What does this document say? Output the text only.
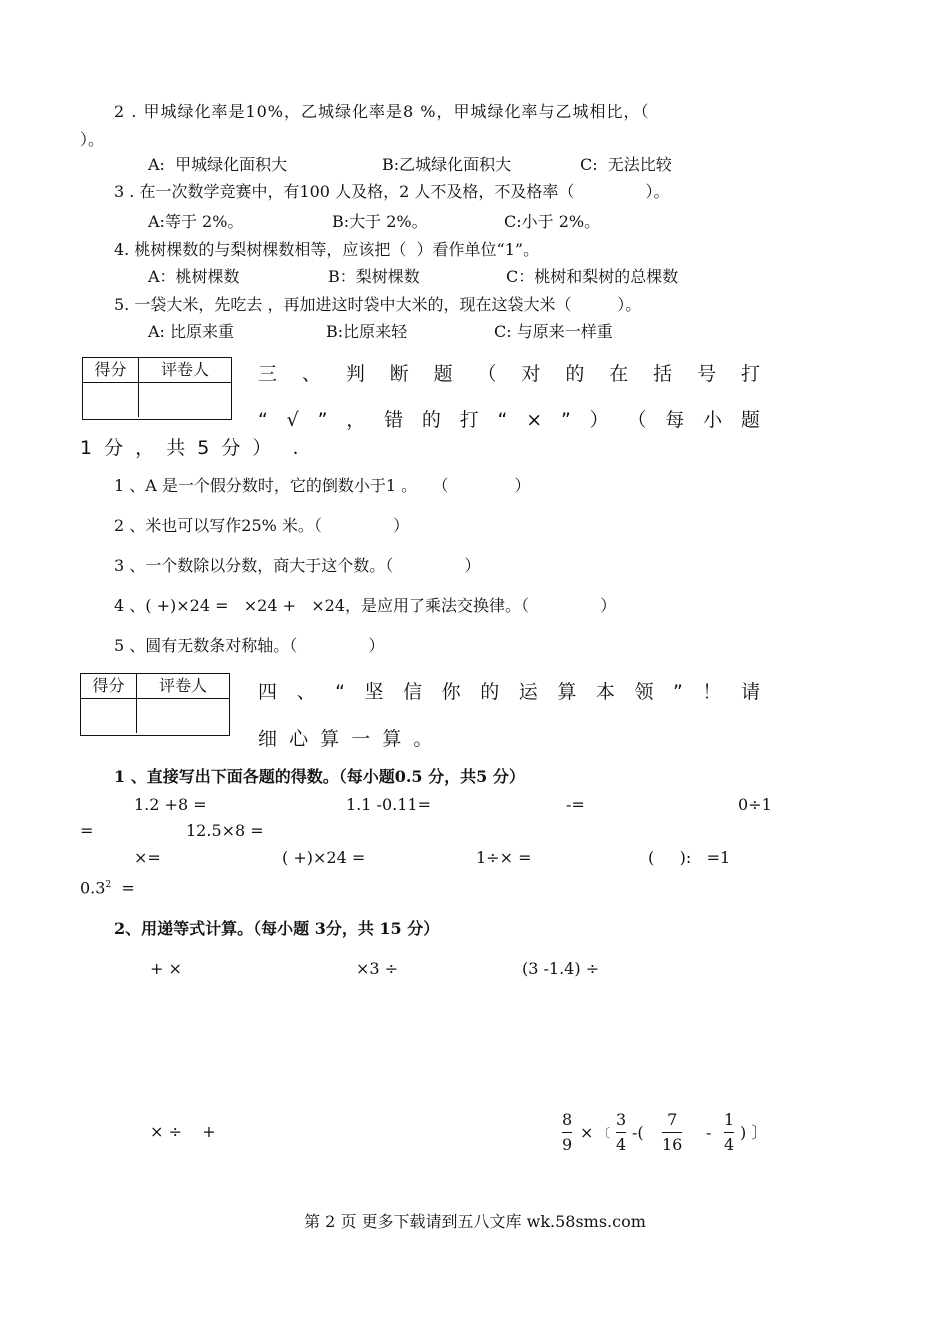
2 . 甲城绿化率是10%，乙城绿化率是8 %，甲城绿化率与乙城相比，（
）。
A:  甲城绿化面积大	B:乙城绿化面积大	C:  无法比较
3 . 在一次数学竞赛中，有100 人及格，2 人不及格，不及格率（              ）。
A:等于 2%。	B:大于 2%。	C:小于 2%。
4. 桃树棵数的与梨树棵数相等，应该把（  ）看作单位“1”。
A：桃树棵数	B：梨树棵数	C：桃树和梨树的总棵数
5. 一袋大米，先吃去 ，再加进这时袋中大米的，现在这袋大米（         ）。
A: 比原来重	B:比原来轻	C: 与原来一样重
得分	评卷人	三 、 判 断 题 （ 对 的 在 括 号 打
“ √ ” ， 错 的 打 “ × ” ） （ 每 小 题
1 分 ， 共 5 分 ）  .
1 、A 是一个假分数时，它的倒数小于1 。   （             ）
2 、米也可以写作25% 米。（              ）
3 、一个数除以分数，商大于这个数。（              ）
4 、( +)×24 =   ×24 +   ×24，是应用了乘法交换律。（              ）
5 、圆有无数条对称轴。（              ）
得分	评卷人	四 、 “ 坚 信 你 的 运 算 本 领 ” ！ 请
细  心  算  一  算  。
1 、直接写出下面各题的得数。（每小题0.5 分，共5 分）
1.2 +8 =	1.1 -0.11=	-=	0÷1
=	12.5×8 =
×=	( +)×24 =	1÷× =	(     ):   =1
$0.3^2$  =
2、用递等式计算。（每小题 3分，共 15 分）
+ ×	×3 ÷	(3 -1.4) ÷
× ÷    +
8
9
× 〔
3
4
-(
7
16
-
1
4
) 〕
第 2 页 更多下载请到五八文库 wk.58sms.com
